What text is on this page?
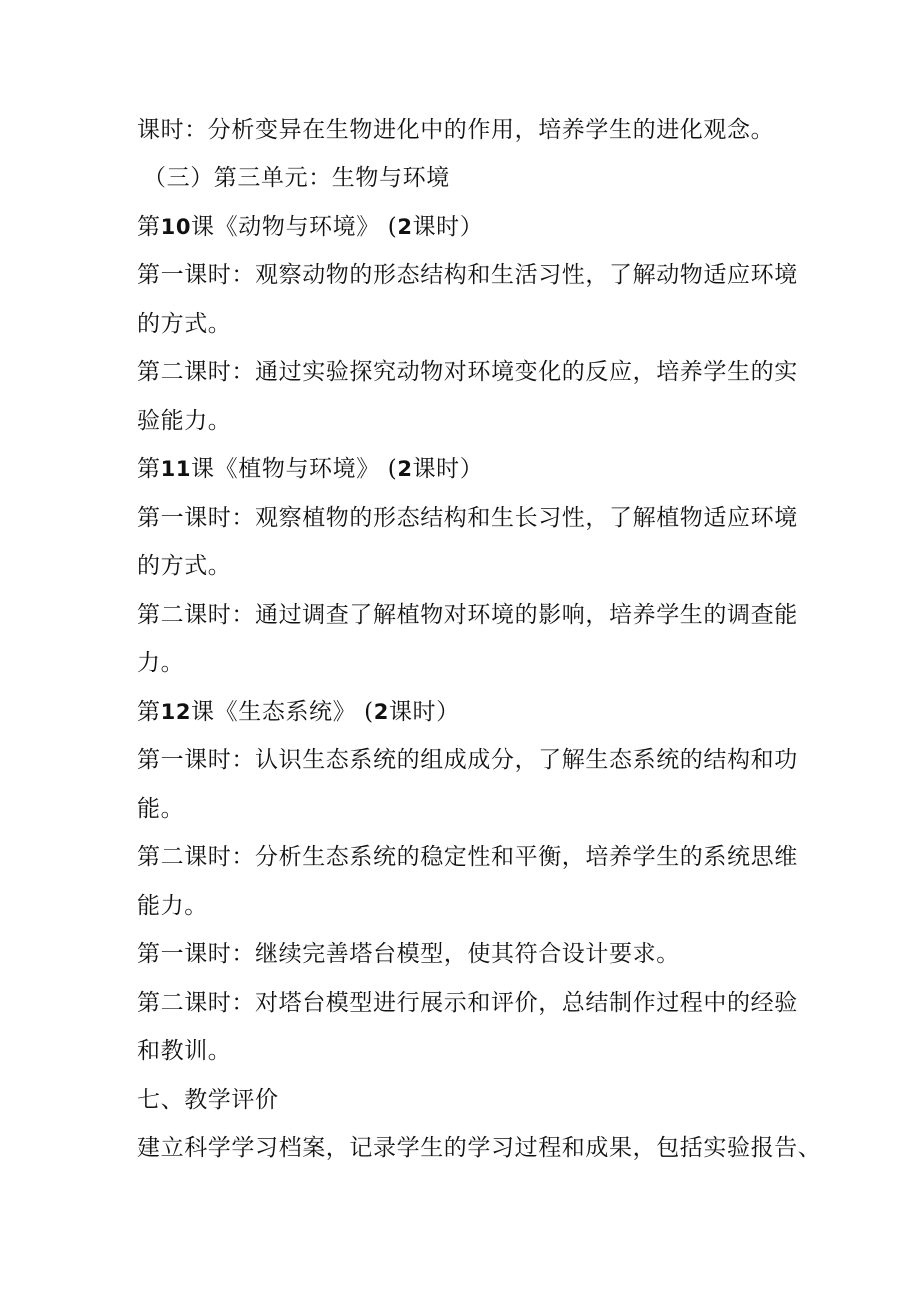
课时：分析变异在生物进化中的作用，培养学生的进化观念。
（三）第三单元：生物与环境
第10课《动物与环境》 (2课时）
第一课时：观察动物的形态结构和生活习性，了解动物适应环境
的方式。
第二课时：通过实验探究动物对环境变化的反应，培养学生的实
验能力。
第11课《植物与环境》 (2课时）
第一课时：观察植物的形态结构和生长习性，了解植物适应环境
的方式。
第二课时：通过调查了解植物对环境的影响，培养学生的调查能
力。
第12课《生态系统》 (2课时）
第一课时：认识生态系统的组成成分，了解生态系统的结构和功
能。
第二课时：分析生态系统的稳定性和平衡，培养学生的系统思维
能力。
第一课时：继续完善塔台模型，使其符合设计要求。
第二课时：对塔台模型进行展示和评价，总结制作过程中的经验
和教训。
七、教学评价
建立科学学习档案，记录学生的学习过程和成果，包括实验报告、
